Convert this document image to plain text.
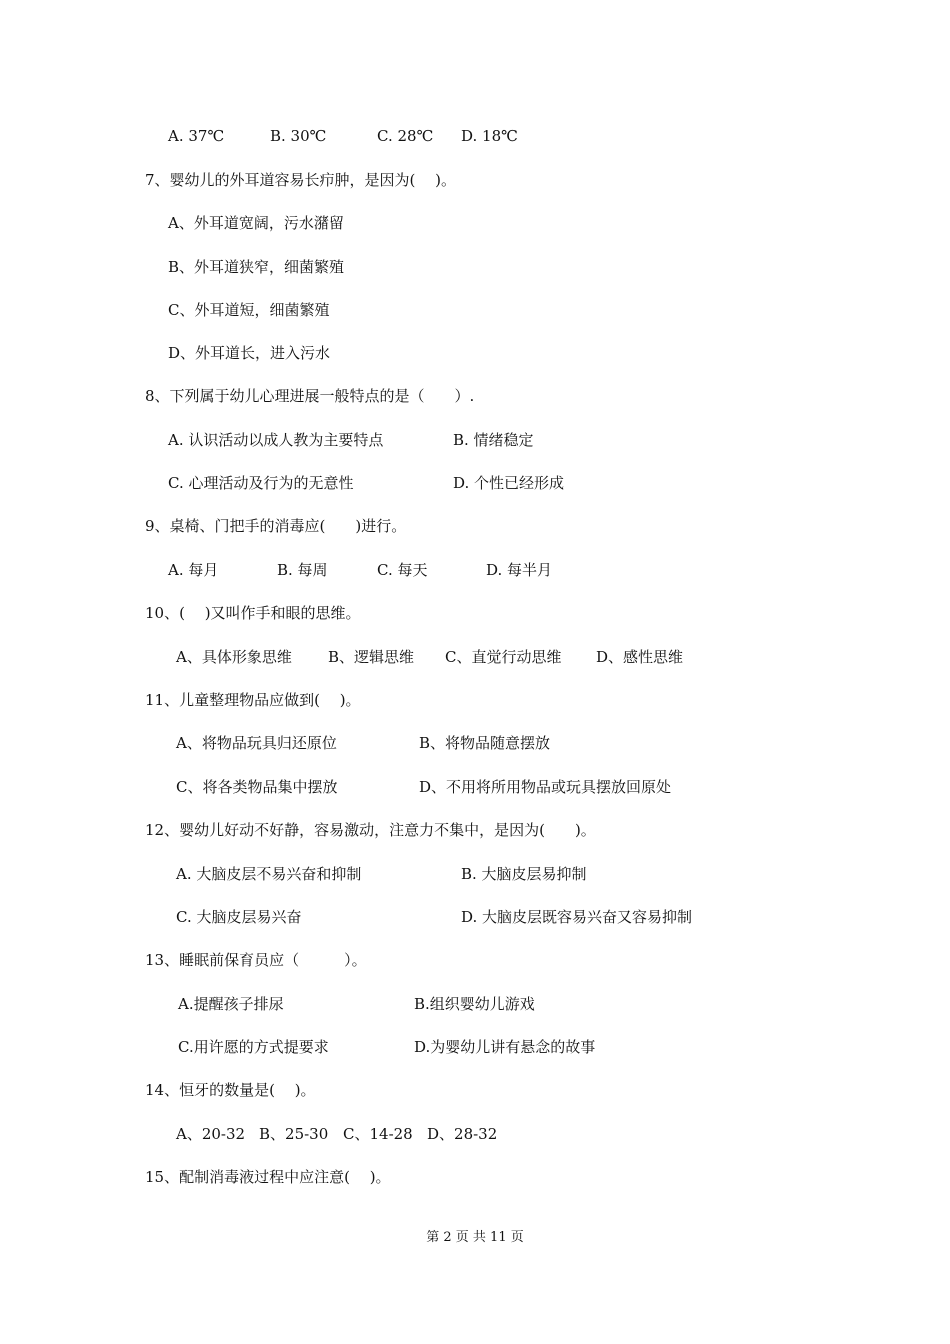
A. 37℃	B. 30℃	C. 28℃ D. 18℃
7、婴幼儿的外耳道容易长疖肿，是因为(　 )。
A、外耳道宽阔，污水潴留
B、外耳道狭窄，细菌繁殖
C、外耳道短，细菌繁殖
D、外耳道长，进入污水
8、下列属于幼儿心理进展一般特点的是（　　）.
A. 认识活动以成人教为主要特点	B. 情绪稳定
C. 心理活动及行为的无意性	D. 个性已经形成
9、桌椅、门把手的消毒应(　　)进行。
A. 每月	B. 每周	C. 每天	D. 每半月
10、(　 )又叫作手和眼的思维。
A、具体形象思维 B、逻辑思维 C、直觉行动思维 D、感性思维
11、儿童整理物品应做到(　 )。
A、将物品玩具归还原位	B、将物品随意摆放
C、将各类物品集中摆放	D、不用将所用物品或玩具摆放回原处
12、婴幼儿好动不好静，容易激动，注意力不集中，是因为(　　)。
A. 大脑皮层不易兴奋和抑制	B. 大脑皮层易抑制
C. 大脑皮层易兴奋	D. 大脑皮层既容易兴奋又容易抑制
13、睡眠前保育员应（　　　）。
A.提醒孩子排尿	B.组织婴幼儿游戏
C.用许愿的方式提要求	D.为婴幼儿讲有悬念的故事
14、恒牙的数量是(　 )。
A、20-32 B、25-30 C、14-28 D、28-32
15、配制消毒液过程中应注意(　 )。
第 2 页 共 11 页
